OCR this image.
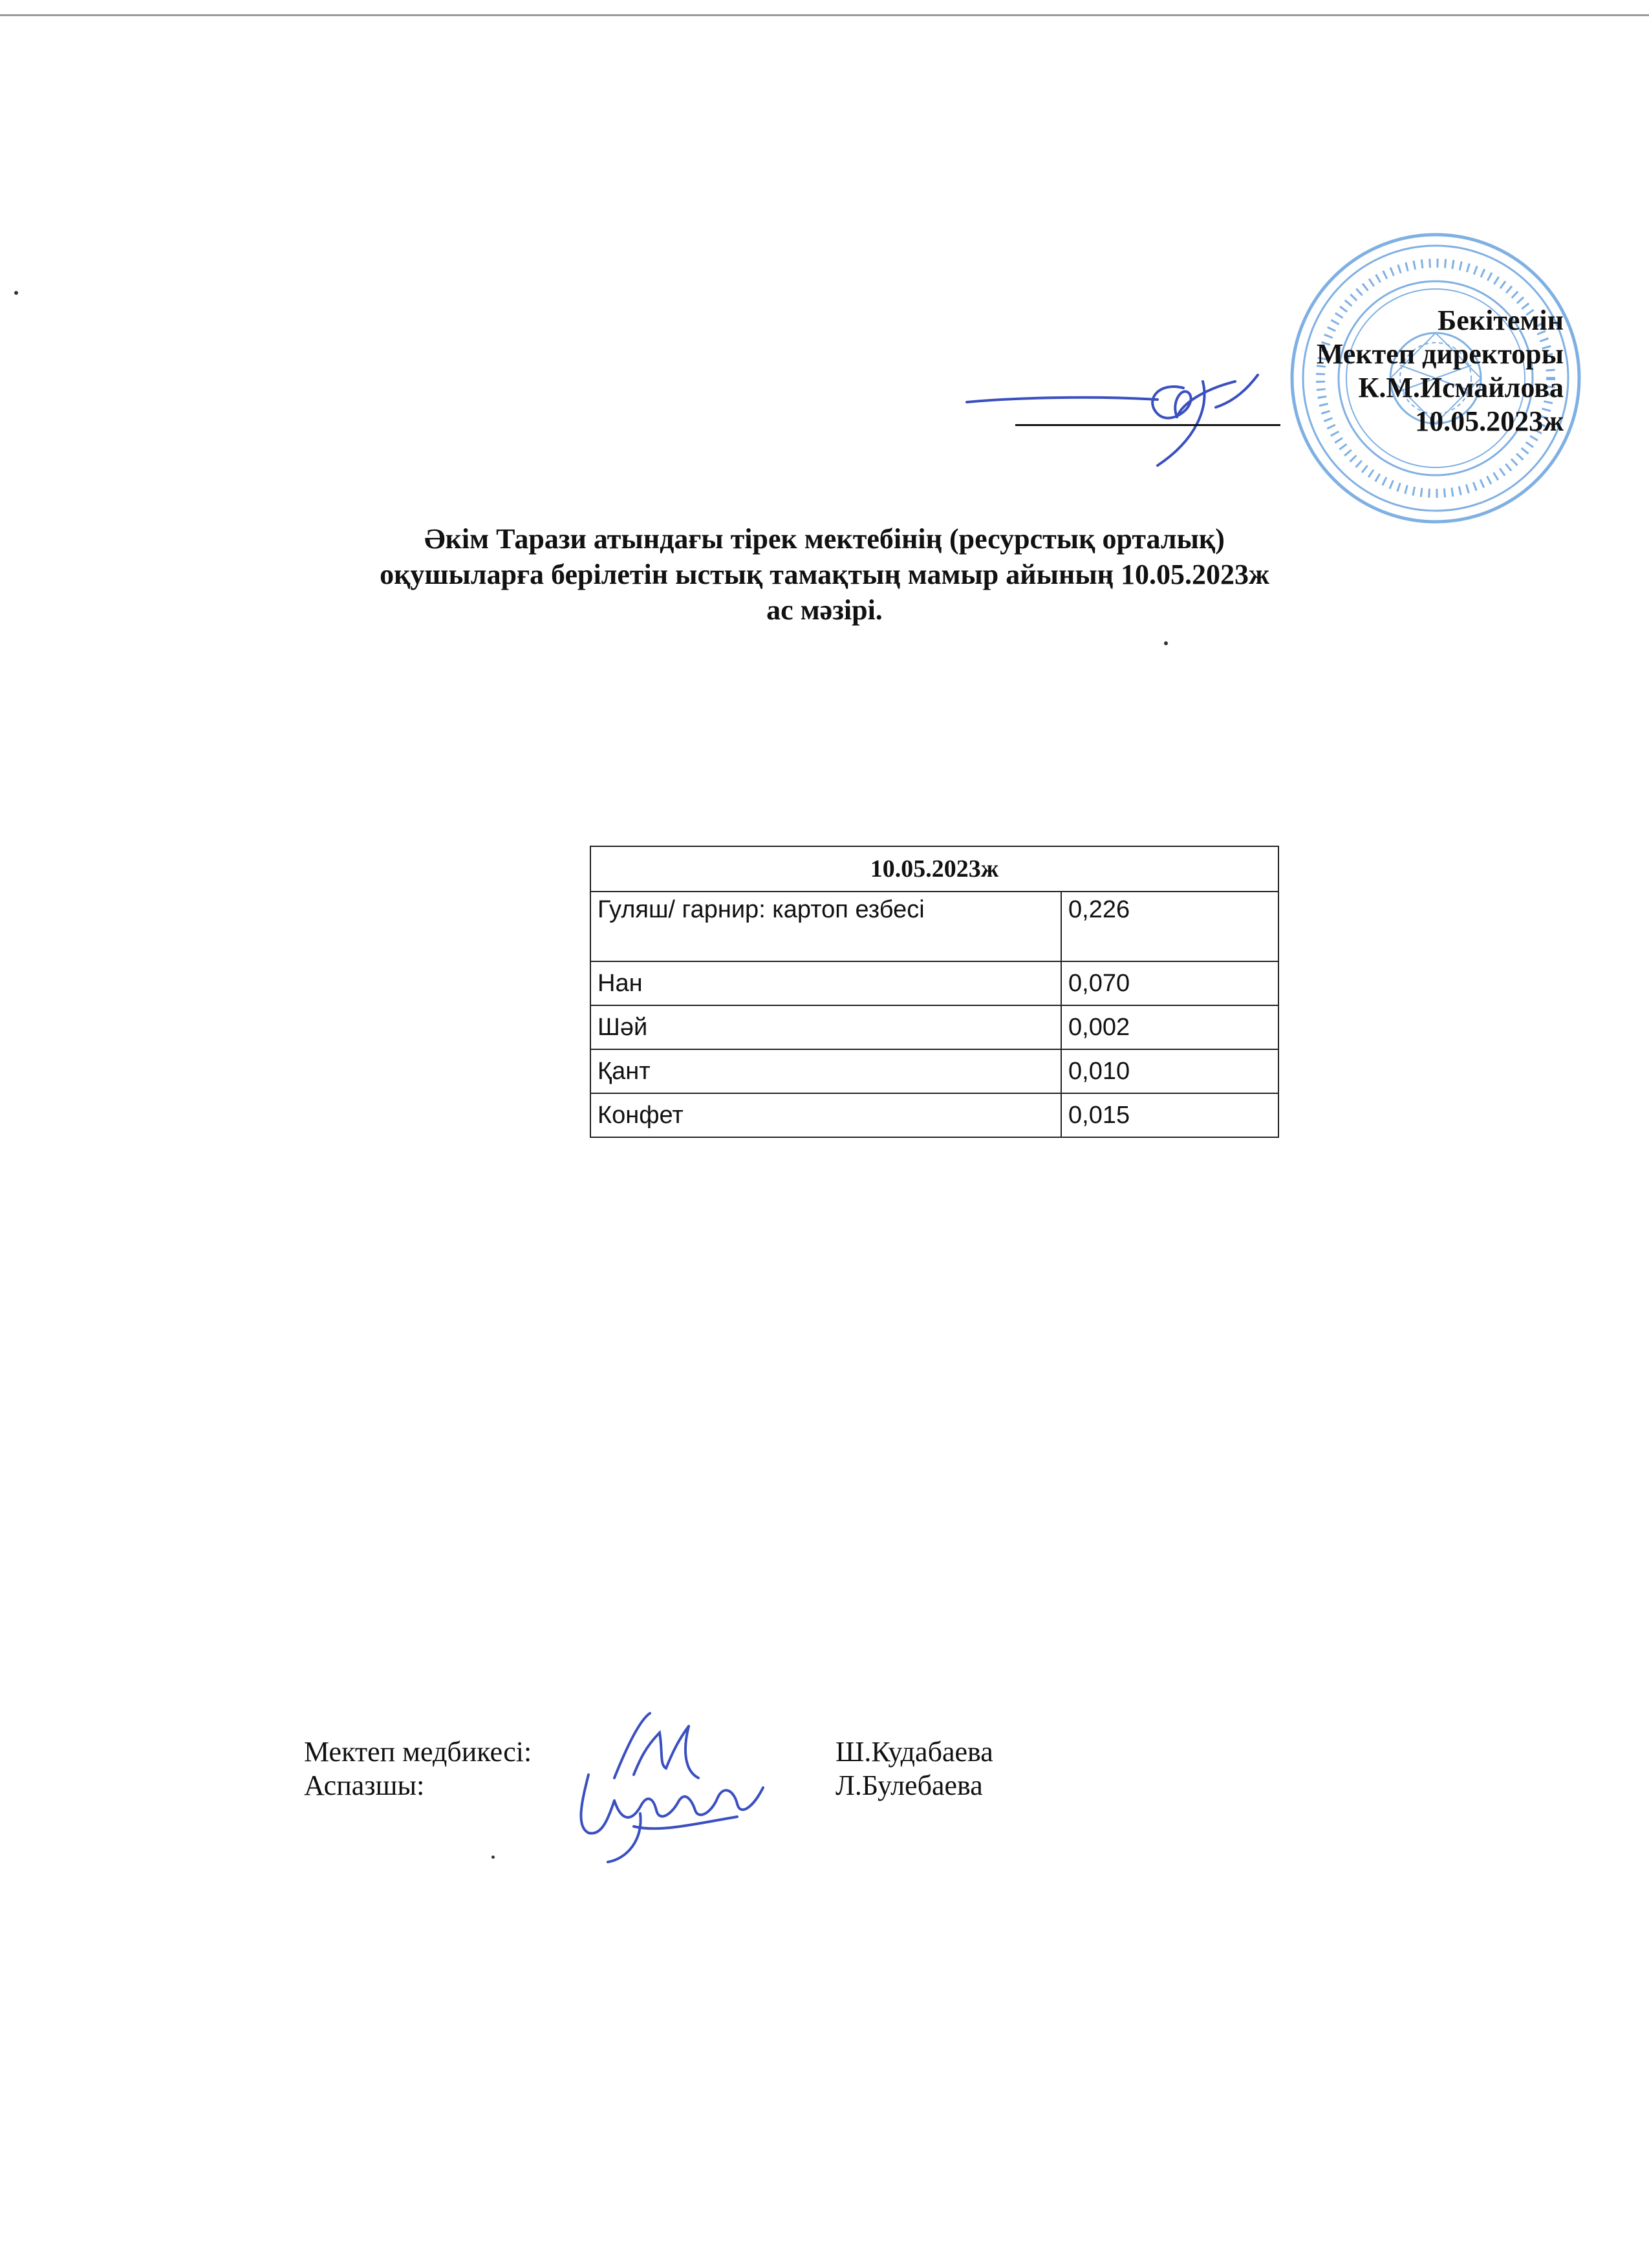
Бекітемін
Мектеп директоры
К.М.Исмайлова
10.05.2023ж
Әкім Тарази атындағы тірек мектебінің (ресурстық орталық)
оқушыларға берілетін ыстық тамақтың мамыр айының 10.05.2023ж
ас мәзірі.
10.05.2023ж	
Гуляш/ гарнир: картоп езбесі	0,226
Нан	0,070
Шәй	0,002
Қант	0,010
Конфет	0,015
Мектеп медбикесі:	Ш.Кудабаева
Аспазшы:	Л.Булебаева
